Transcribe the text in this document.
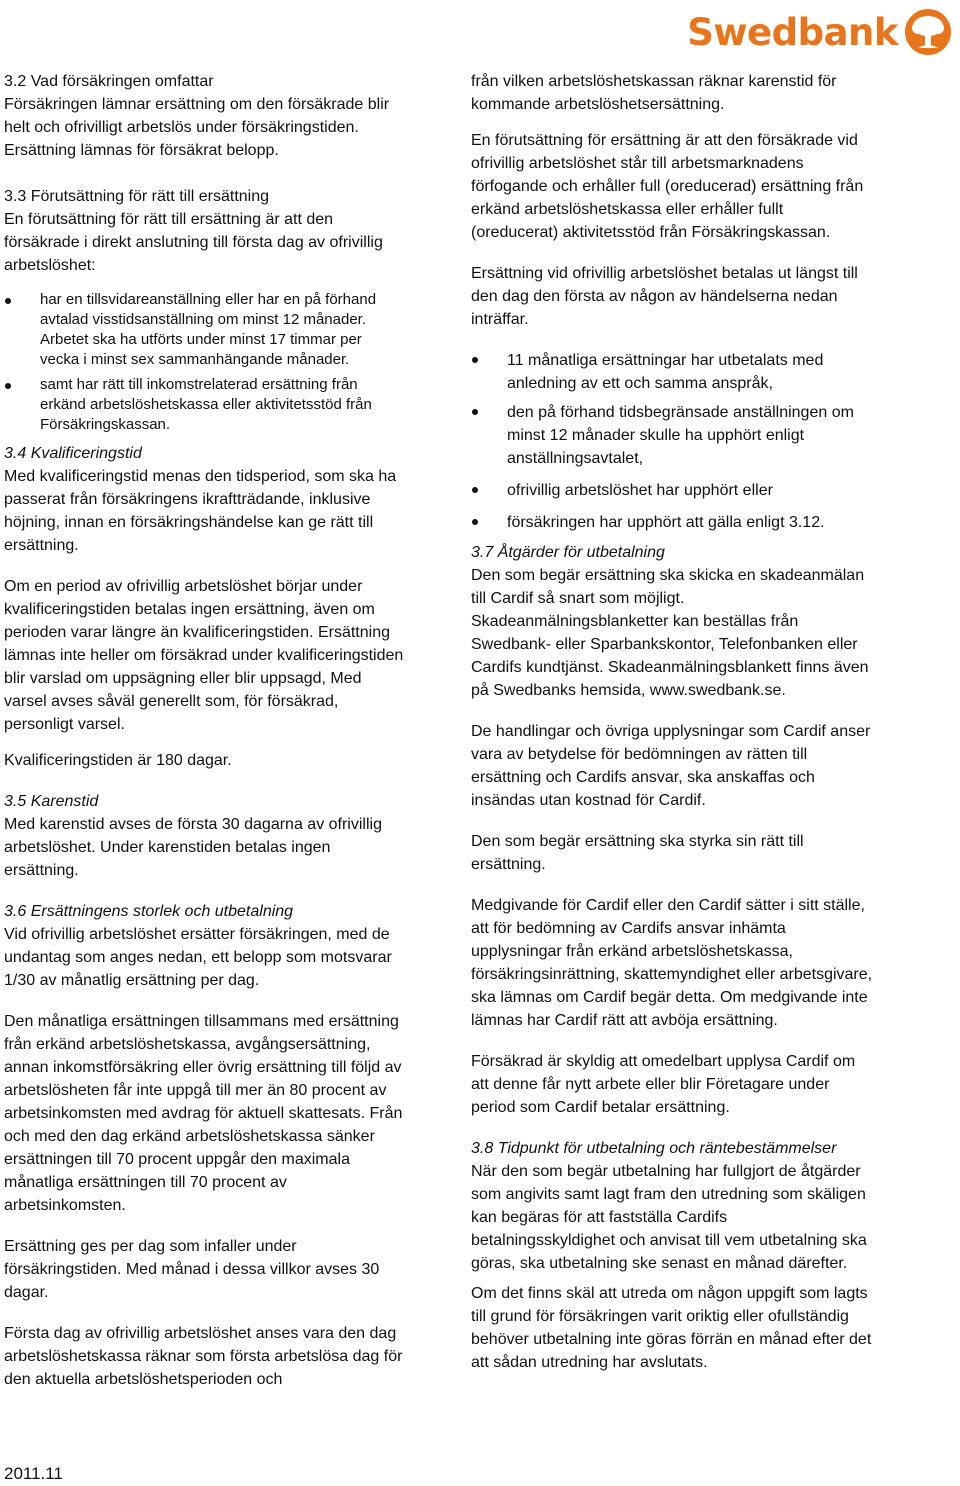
Swedbank

3.2 Vad försäkringen omfattar

Försäkringen lämnar ersättning om den försäkrade blir helt och ofrivilligt arbetslös under försäkringstiden. Ersättning lämnas för försäkrat belopp.

3.3 Förutsättning för rätt till ersättning

En förutsättning för rätt till ersättning är att den försäkrade i direkt anslutning till första dag av ofrivillig arbetslöshet:

har en tillsvidareanställning eller har en på förhand avtalad visstidsanställning om minst 12 månader. Arbetet ska ha utförts under minst 17 timmar per vecka i minst sex sammanhängande månader.
samt har rätt till inkomstrelaterad ersättning från erkänd arbetslöshetskassa eller aktivitetsstöd från Försäkringskassan.

3.4 Kvalificeringstid

Med kvalificeringstid menas den tidsperiod, som ska ha passerat från försäkringens ikraftträdande, inklusive höjning, innan en försäkringshändelse kan ge rätt till ersättning.

Om en period av ofrivillig arbetslöshet börjar under kvalificeringstiden betalas ingen ersättning, även om perioden varar längre än kvalificeringstiden. Ersättning lämnas inte heller om försäkrad under kvalificeringstiden blir varslad om uppsägning eller blir uppsagd, Med varsel avses såväl generellt som, för försäkrad, personligt varsel.

Kvalificeringstiden är 180 dagar.

3.5 Karenstid

Med karenstid avses de första 30 dagarna av ofrivillig arbetslöshet. Under karenstiden betalas ingen ersättning.

3.6 Ersättningens storlek och utbetalning

Vid ofrivillig arbetslöshet ersätter försäkringen, med de undantag som anges nedan, ett belopp som motsvarar 1/30 av månatlig ersättning per dag.

Den månatliga ersättningen tillsammans med ersättning från erkänd arbetslöshetskassa, avgångsersättning, annan inkomstförsäkring eller övrig ersättning till följd av arbetslösheten får inte uppgå till mer än 80 procent av arbetsinkomsten med avdrag för aktuell skattesats. Från och med den dag erkänd arbetslöshetskassa sänker ersättningen till 70 procent uppgår den maximala månatliga ersättningen till 70 procent av arbetsinkomsten.

Ersättning ges per dag som infaller under försäkringstiden. Med månad i dessa villkor avses 30 dagar.

Första dag av ofrivillig arbetslöshet anses vara den dag arbetslöshetskassa räknar som första arbetslösa dag för den aktuella arbetslöshetsperioden och

från vilken arbetslöshetskassan räknar karenstid för kommande arbetslöshetsersättning.

En förutsättning för ersättning är att den försäkrade vid ofrivillig arbetslöshet står till arbetsmarknadens förfogande och erhåller full (oreducerad) ersättning från erkänd arbetslöshetskassa eller erhåller fullt (oreducerat) aktivitetsstöd från Försäkringskassan.

Ersättning vid ofrivillig arbetslöshet betalas ut längst till den dag den första av någon av händelserna nedan inträffar.

11 månatliga ersättningar har utbetalats med anledning av ett och samma anspråk,
den på förhand tidsbegränsade anställningen om minst 12 månader skulle ha upphört enligt anställningsavtalet,
ofrivillig arbetslöshet har upphört eller
försäkringen har upphört att gälla enligt 3.12.

3.7 Åtgärder för utbetalning

Den som begär ersättning ska skicka en skadeanmälan till Cardif så snart som möjligt. Skadeanmälningsblanketter kan beställas från Swedbank- eller Sparbankskontor, Telefonbanken eller Cardifs kundtjänst. Skadeanmälningsblankett finns även på Swedbanks hemsida, www.swedbank.se.

De handlingar och övriga upplysningar som Cardif anser vara av betydelse för bedömningen av rätten till ersättning och Cardifs ansvar, ska anskaffas och insändas utan kostnad för Cardif.

Den som begär ersättning ska styrka sin rätt till ersättning.

Medgivande för Cardif eller den Cardif sätter i sitt ställe, att för bedömning av Cardifs ansvar inhämta upplysningar från erkänd arbetslöshetskassa, försäkringsinrättning, skattemyndighet eller arbetsgivare, ska lämnas om Cardif begär detta. Om medgivande inte lämnas har Cardif rätt att avböja ersättning.

Försäkrad är skyldig att omedelbart upplysa Cardif om att denne får nytt arbete eller blir Företagare under period som Cardif betalar ersättning.

3.8 Tidpunkt för utbetalning och räntebestämmelser

När den som begär utbetalning har fullgjort de åtgärder som angivits samt lagt fram den utredning som skäligen kan begäras för att fastställa Cardifs betalningsskyldighet och anvisat till vem utbetalning ska göras, ska utbetalning ske senast en månad därefter.

Om det finns skäl att utreda om någon uppgift som lagts till grund för försäkringen varit oriktig eller ofullständig behöver utbetalning inte göras förrän en månad efter det att sådan utredning har avslutats.

2011.11
